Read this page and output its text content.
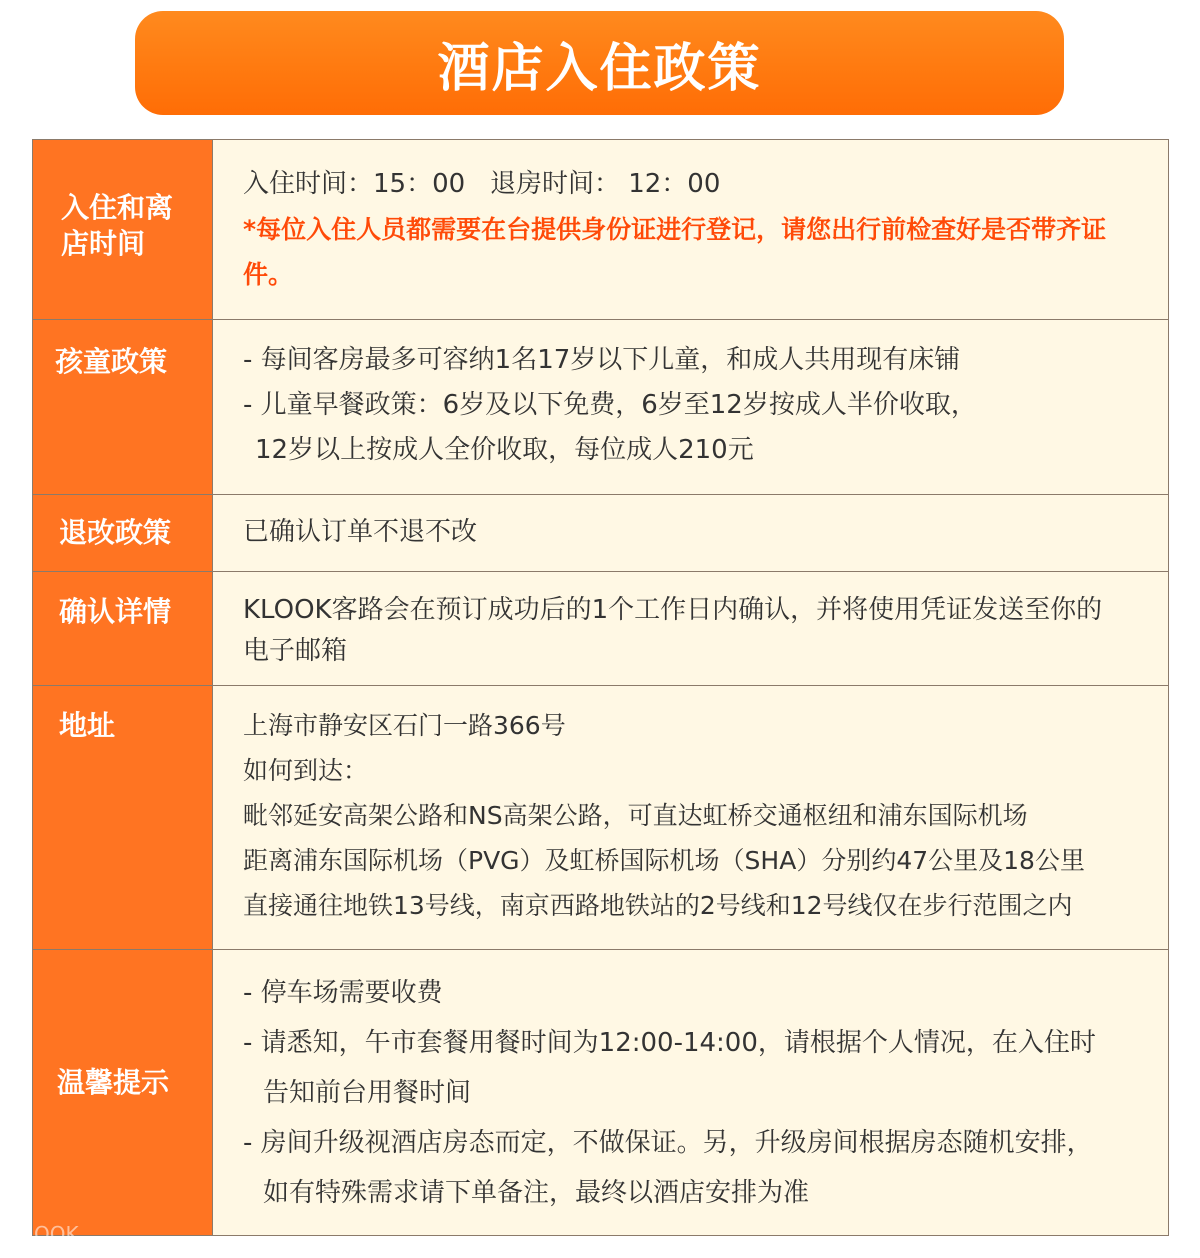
酒店入住政策
入住和离店时间	入住时间：15：00   退房时间： 12：00
*每位入住人员都需要在台提供身份证进行登记，请您出行前检查好是否带齐证件。

孩童政策	- 每间客房最多可容纳1名17岁以下儿童，和成人共用现有床铺
- 儿童早餐政策：6岁及以下免费，6岁至12岁按成人半价收取，
12岁以上按成人全价收取，每位成人210元

退改政策	已确认订单不退不改

确认详情	KLOOK客路会在预订成功后的1个工作日内确认，并将使用凭证发送至你的电子邮箱

地址	上海市静安区石门一路366号
如何到达：
毗邻延安高架公路和NS高架公路，可直达虹桥交通枢纽和浦东国际机场
距离浦东国际机场（PVG）及虹桥国际机场（SHA）分别约47公里及18公里
直接通往地铁13号线，南京西路地铁站的2号线和12号线仅在步行范围之内

温馨提示	- 停车场需要收费
- 请悉知，午市套餐用餐时间为12:00-14:00，请根据个人情况，在入住时
告知前台用餐时间
- 房间升级视酒店房态而定，不做保证。另，升级房间根据房态随机安排，
如有特殊需求请下单备注，最终以酒店安排为准
OOK
